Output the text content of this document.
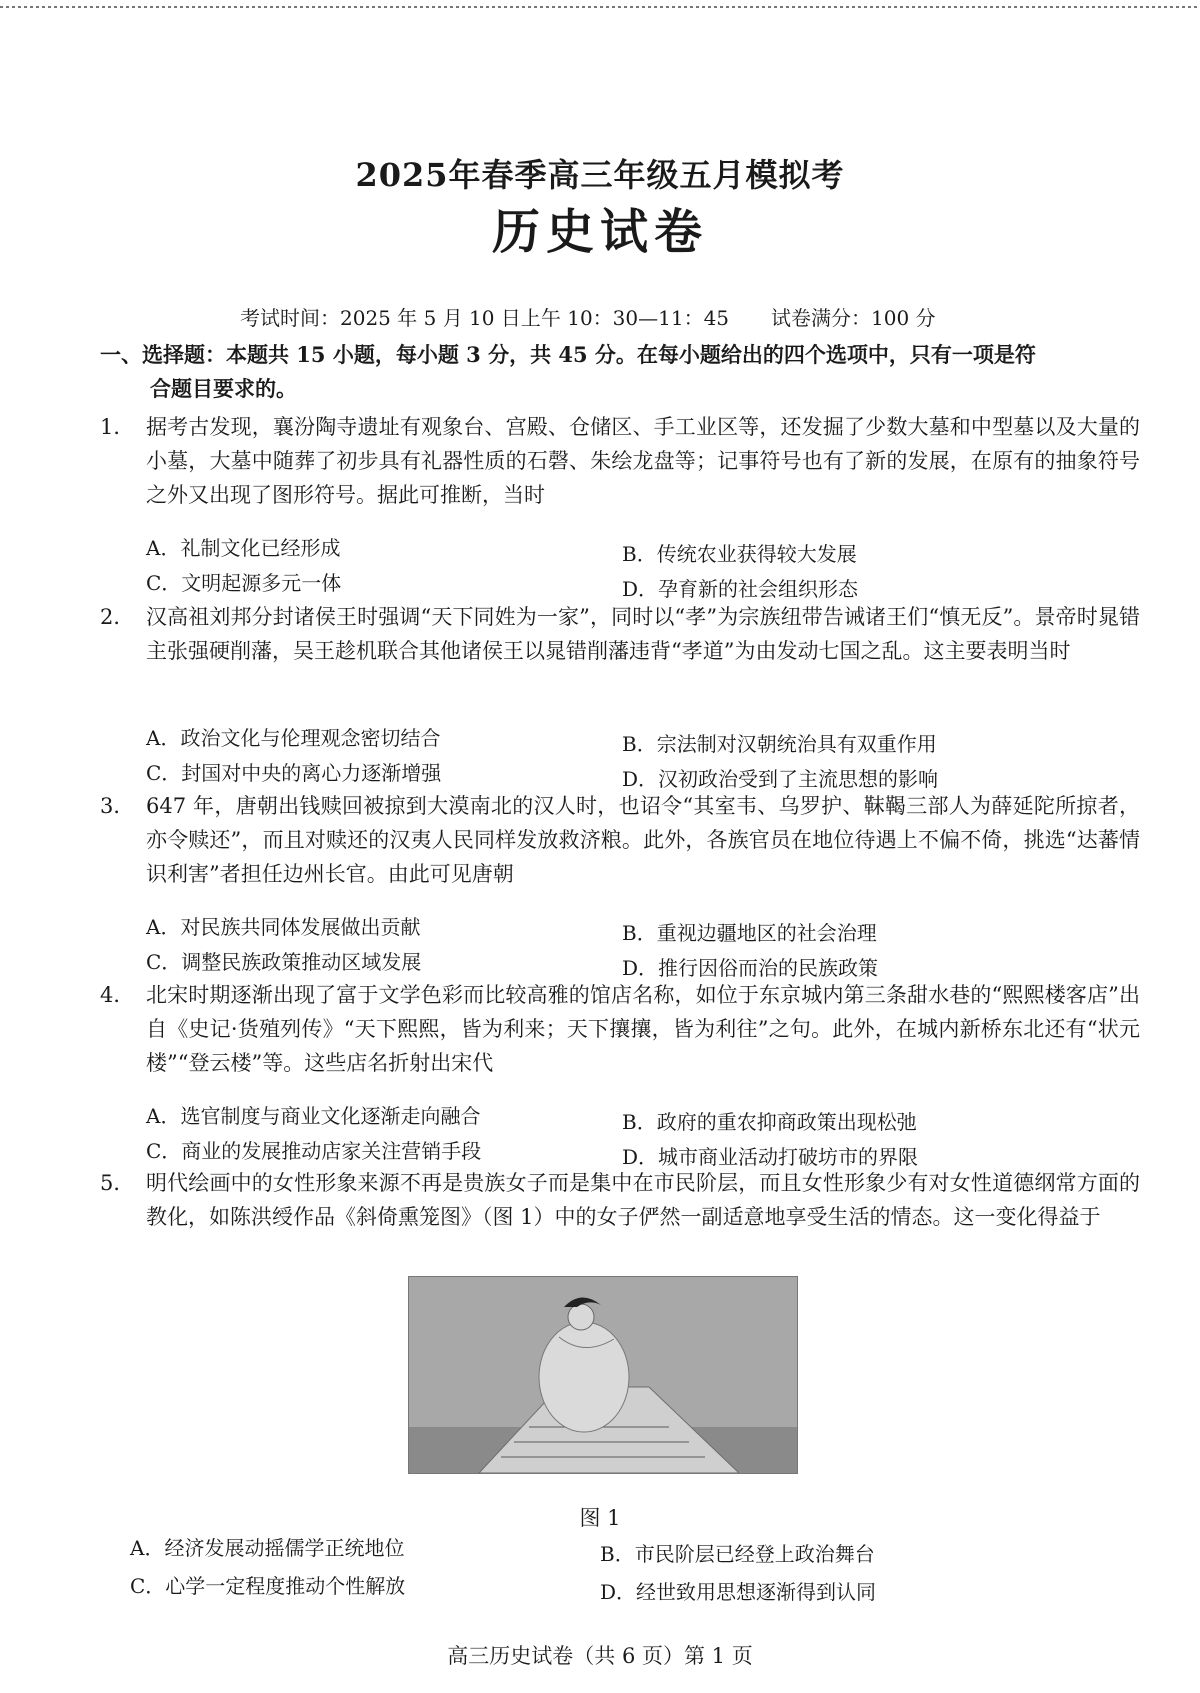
2025年春季高三年级五月模拟考
历史试卷
考试时间：2025 年 5 月 10 日上午 10：30—11：45 试卷满分：100 分
一、选择题：本题共 15 小题，每小题 3 分，共 45 分。在每小题给出的四个选项中，只有一项是符
合题目要求的。
1． 据考古发现，襄汾陶寺遗址有观象台、宫殿、仓储区、手工业区等，还发掘了少数大墓和中型墓以及大量的小墓，大墓中随葬了初步具有礼器性质的石磬、朱绘龙盘等；记事符号也有了新的发展，在原有的抽象符号之外又出现了图形符号。据此可推断，当时
A．礼制文化已经形成	B．传统农业获得较大发展
C．文明起源多元一体	D．孕育新的社会组织形态
2． 汉高祖刘邦分封诸侯王时强调“天下同姓为一家”，同时以“孝”为宗族纽带告诫诸王们“慎无反”。景帝时晁错主张强硬削藩，吴王趁机联合其他诸侯王以晁错削藩违背“孝道”为由发动七国之乱。这主要表明当时
A．政治文化与伦理观念密切结合	B．宗法制对汉朝统治具有双重作用
C．封国对中央的离心力逐渐增强	D．汉初政治受到了主流思想的影响
3． 647 年，唐朝出钱赎回被掠到大漠南北的汉人时，也诏令“其室韦、乌罗护、靺鞨三部人为薛延陀所掠者，亦令赎还”，而且对赎还的汉夷人民同样发放救济粮。此外，各族官员在地位待遇上不偏不倚，挑选“达蕃情识利害”者担任边州长官。由此可见唐朝
A．对民族共同体发展做出贡献	B．重视边疆地区的社会治理
C．调整民族政策推动区域发展	D．推行因俗而治的民族政策
4． 北宋时期逐渐出现了富于文学色彩而比较高雅的馆店名称，如位于东京城内第三条甜水巷的“熙熙楼客店”出自《史记·货殖列传》“天下熙熙，皆为利来；天下攘攘，皆为利往”之句。此外，在城内新桥东北还有“状元楼”“登云楼”等。这些店名折射出宋代
A．选官制度与商业文化逐渐走向融合	B．政府的重农抑商政策出现松弛
C．商业的发展推动店家关注营销手段	D．城市商业活动打破坊市的界限
5． 明代绘画中的女性形象来源不再是贵族女子而是集中在市民阶层，而且女性形象少有对女性道德纲常方面的教化，如陈洪绶作品《斜倚熏笼图》（图 1）中的女子俨然一副适意地享受生活的情态。这一变化得益于
图 1
A．经济发展动摇儒学正统地位	B．市民阶层已经登上政治舞台
C．心学一定程度推动个性解放	D．经世致用思想逐渐得到认同
高三历史试卷（共 6 页）第 1 页
